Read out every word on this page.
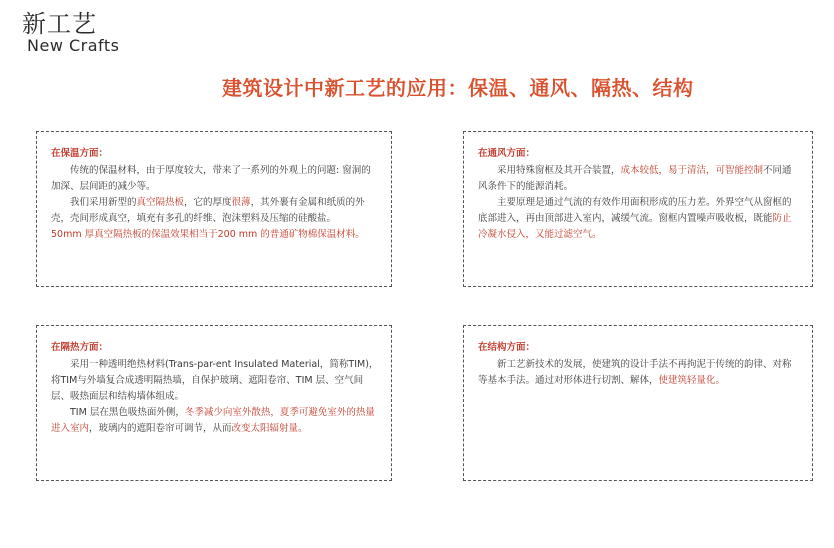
新工艺
New Crafts
建筑设计中新工艺的应用：保温、通风、隔热、结构

在保温方面：

传统的保温材料，由于厚度较大，带来了一系列的外观上的问题: 窗洞的加深、层间距的减少等。

我们采用新型的真空隔热板，它的厚度很薄，其外裹有金属和纸质的外壳，壳间形成真空，填充有多孔的纤维、泡沫塑料及压缩的硅酸盐。

50mm 厚真空隔热板的保温效果相当于200 mm 的普通矿物棉保温材料。

在通风方面：

采用特殊窗框及其开合装置，成本较低，易于清洁，可智能控制不同通风条件下的能源消耗。

主要原理是通过气流的有效作用面积形成的压力差。外界空气从窗框的底部进入，再由顶部进入室内，减缓气流。窗框内置噪声吸收板，既能防止冷凝水侵入，又能过滤空气。

在隔热方面：

采用一种透明绝热材料(Trans-par-ent Insulated Material，简称TIM)，将TIM与外墙复合成透明隔热墙，自保护玻璃、遮阳卷帘、TIM 层、空气间层、吸热面层和结构墙体组成。

TIM 层在黑色吸热面外侧，冬季减少向室外散热，夏季可避免室外的热量进入室内，玻璃内的遮阳卷帘可调节，从而改变太阳辐射量。

在结构方面：

新工艺新技术的发展，使建筑的设计手法不再拘泥于传统的韵律、对称等基本手法。通过对形体进行切割、解体，使建筑轻量化。
